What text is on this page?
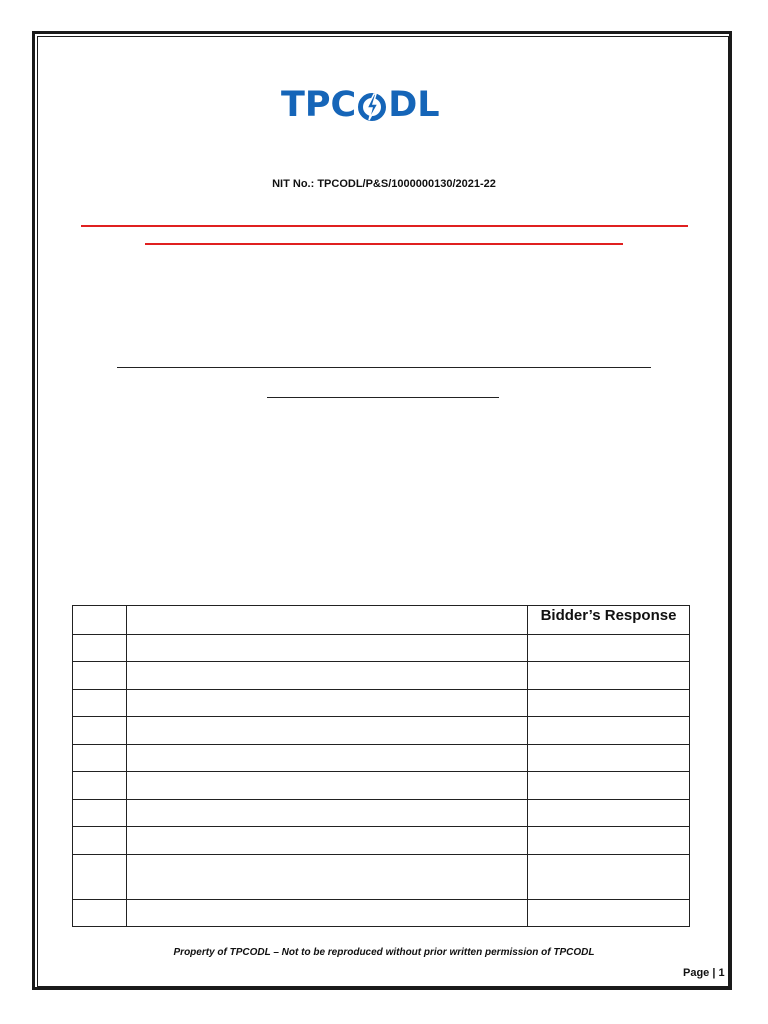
TPC DL
NIT No.: TPCODL/P&S/1000000130/2021-22
		Bidder’s Response

Property of TPCODL – Not to be reproduced without prior written permission of TPCODL
Page | 1
